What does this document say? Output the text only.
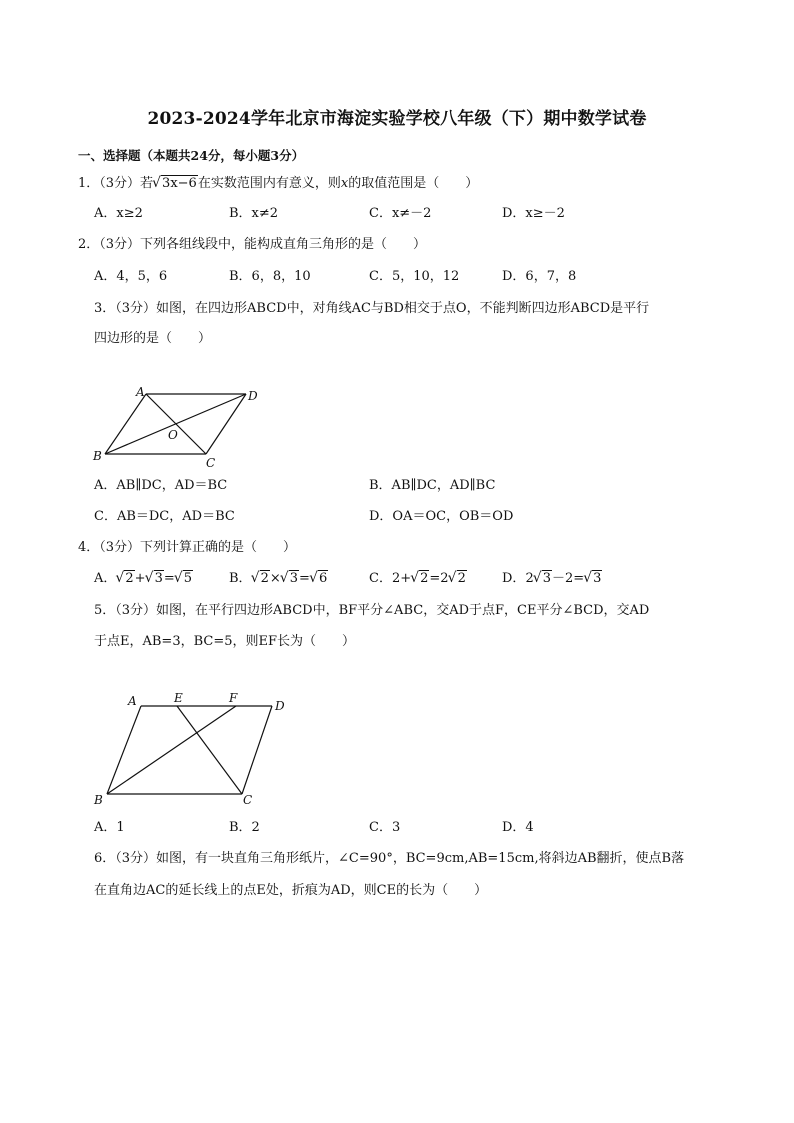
2023-2024学年北京市海淀实验学校八年级（下）期中数学试卷
一、选择题（本题共24分，每小题3分）
1．（3分）若 √ 3x−6在实数范围内有意义，则x的取值范围是（　　）
A．x≥2	B．x≠2	C．x≠－2	D．x≥－2
2．（3分）下列各组线段中，能构成直角三角形的是（　　）
A．4，5，6	B．6，8，10	C．5，10，12	D．6，7，8
3．（3分）如图，在四边形ABCD中，对角线AC与BD相交于点O，不能判断四边形ABCD是平行
四边形的是（　　）
A	D
B	C
O
A．AB∥DC，AD＝BC	B．AB∥DC，AD∥BC
C．AB＝DC，AD＝BC	D．OA＝OC，OB＝OD
4．（3分）下列计算正确的是（　　）
A． √ 2+ √ 3= √ 5	B． √ 2× √ 3= √ 6	C．2+ √ 2=2 √ 2	D．2 √ 3－2= √ 3
5．（3分）如图，在平行四边形ABCD中，BF平分∠ABC，交AD于点F，CE平分∠BCD，交AD
于点E，AB=3，BC=5，则EF长为（　　）
A	E	F
D
B	C
A．1	B．2	C．3	D．4
6．（3分）如图，有一块直角三角形纸片，∠C=90°，BC=9cm,AB=15cm,将斜边AB翻折，使点B落
在直角边AC的延长线上的点E处，折痕为AD，则CE的长为（　　）
